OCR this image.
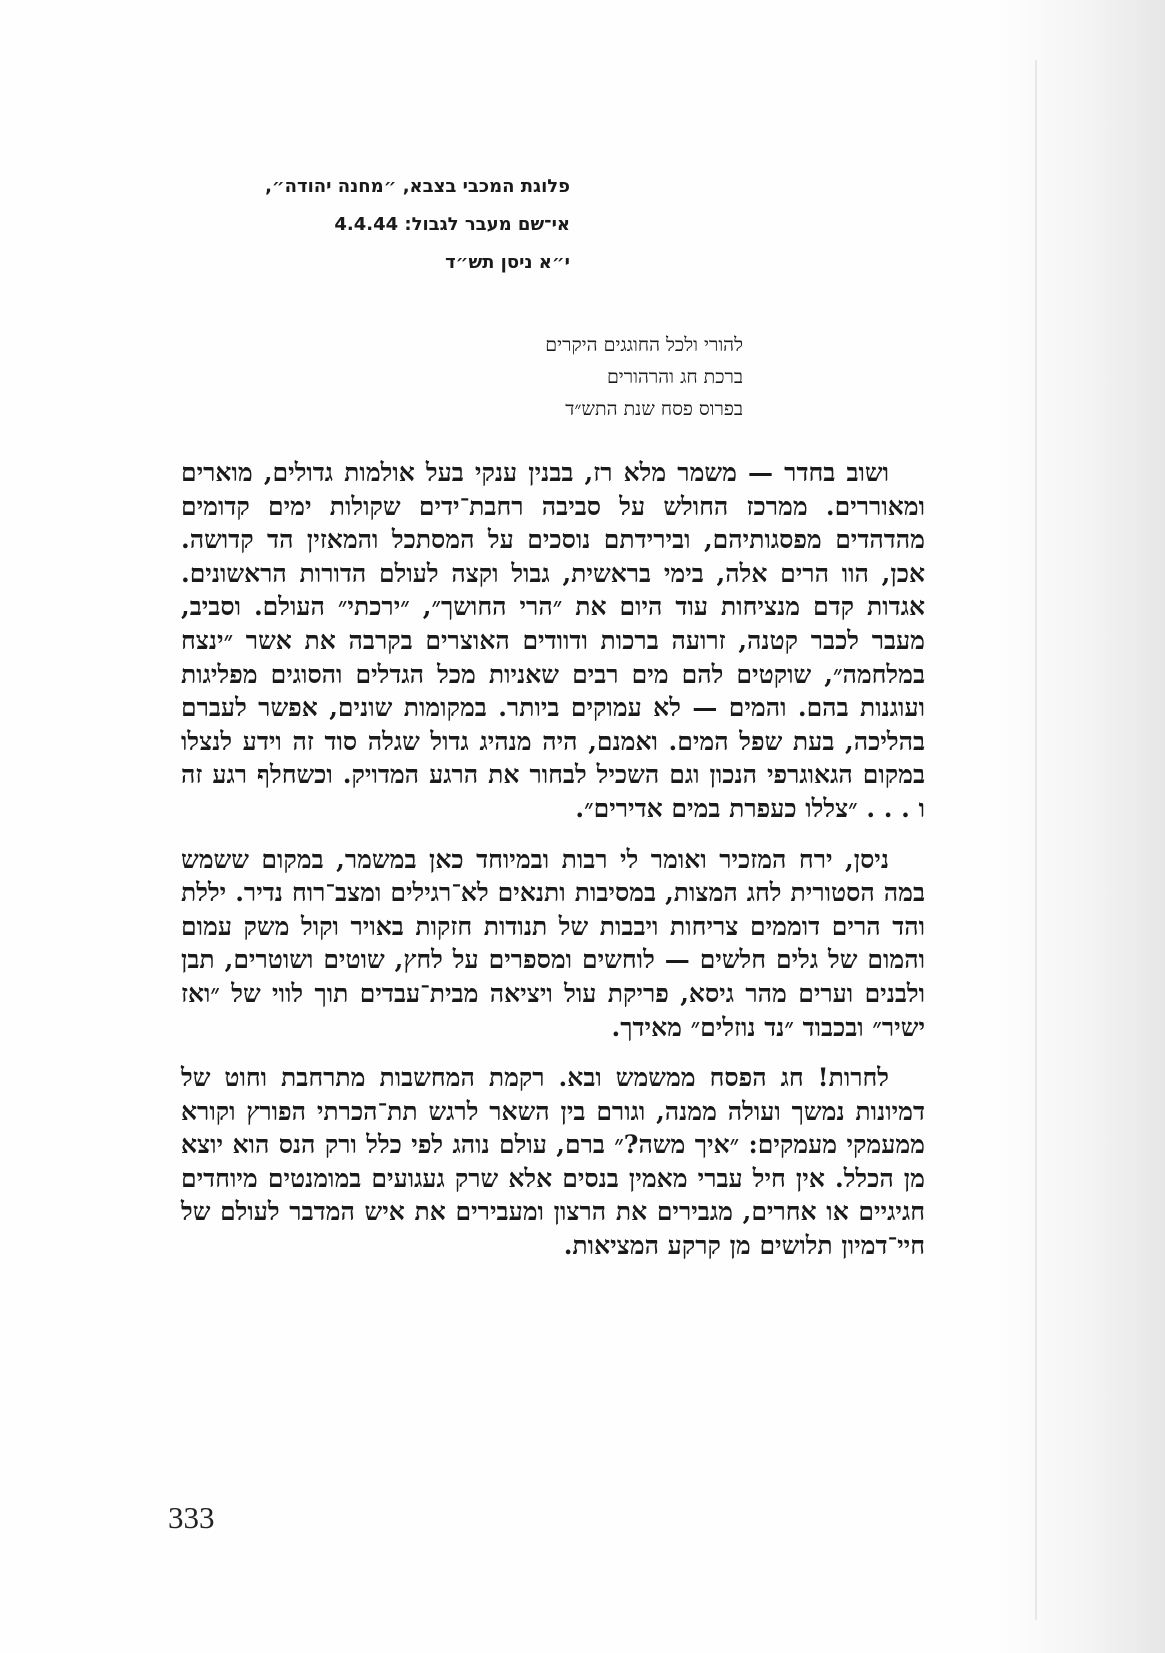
פלוגת המכבי בצבא, ״מחנה יהודה״,
אי־שם מעבר לגבול: 4.4.44
י״א ניסן תש״ד
להורי ולכל החוגגים היקרים
ברכת חג והרהורים
בפרוס פסח שנת התש״ד

ושוב בחדר — משמר מלא רז, בבנין ענקי בעל אולמות גדולים, מוארים ומאוררים. ממרכז החולש על סביבה רחבת־ידים שקולות ימים קדומים מהדהדים מפסגותיהם, ובירידתם נוסכים על המסתכל והמאזין הד קדושה. אכן, הוו הרים אלה, בימי בראשית, גבול וקצה לעולם הדורות הראשונים. אגדות קדם מנציחות עוד היום את ״הרי החושך״, ״ירכתי״ העולם. וסביב, מעבר לכבר קטנה, זרועה ברכות ודוודים האוצרים בקרבה את אשר ״ינצח במלחמה״, שוקטים להם מים רבים שאניות מכל הגדלים והסוגים מפליגות ועוגנות בהם. והמים — לא עמוקים ביותר. במקומות שונים, אפשר לעברם בהליכה, בעת שפל המים. ואמנם, היה מנהיג גדול שגלה סוד זה וידע לנצלו במקום הגאוגרפי הנכון וגם השכיל לבחור את הרגע המדויק. וכשחלף רגע זה ו . . . ״צללו כעפרת במים אדירים״.

ניסן, ירח המזכיר ואומר לי רבות ובמיוחד כאן במשמר, במקום ששמש במה הסטורית לחג המצות, במסיבות ותנאים לא־רגילים ומצב־רוח נדיר. יללת והד הרים דוממים צריחות ויבבות של תנודות חזקות באויר וקול משק עמום והמום של גלים חלשים — לוחשים ומספרים על לחץ, שוטים ושוטרים, תבן ולבנים וערים מהר גיסא, פריקת עול ויציאה מבית־עבדים תוך לווי של ״ואז ישיר״ ובכבוד ״נד נוזלים״ מאידך.

לחרות! חג הפסח ממשמש ובא. רקמת המחשבות מתרחבת וחוט של דמיונות נמשך ועולה ממנה, וגורם בין השאר לרגש תת־הכרתי הפורץ וקורא ממעמקי מעמקים: ״איך משה?״ ברם, עולם נוהג לפי כלל ורק הנס הוא יוצא מן הכלל. אין חיל עברי מאמין בנסים אלא שרק געגועים במומנטים מיוחדים חגיגיים או אחרים, מגבירים את הרצון ומעבירים את איש המדבר לעולם של חיי־דמיון תלושים מן קרקע המציאות.

333
